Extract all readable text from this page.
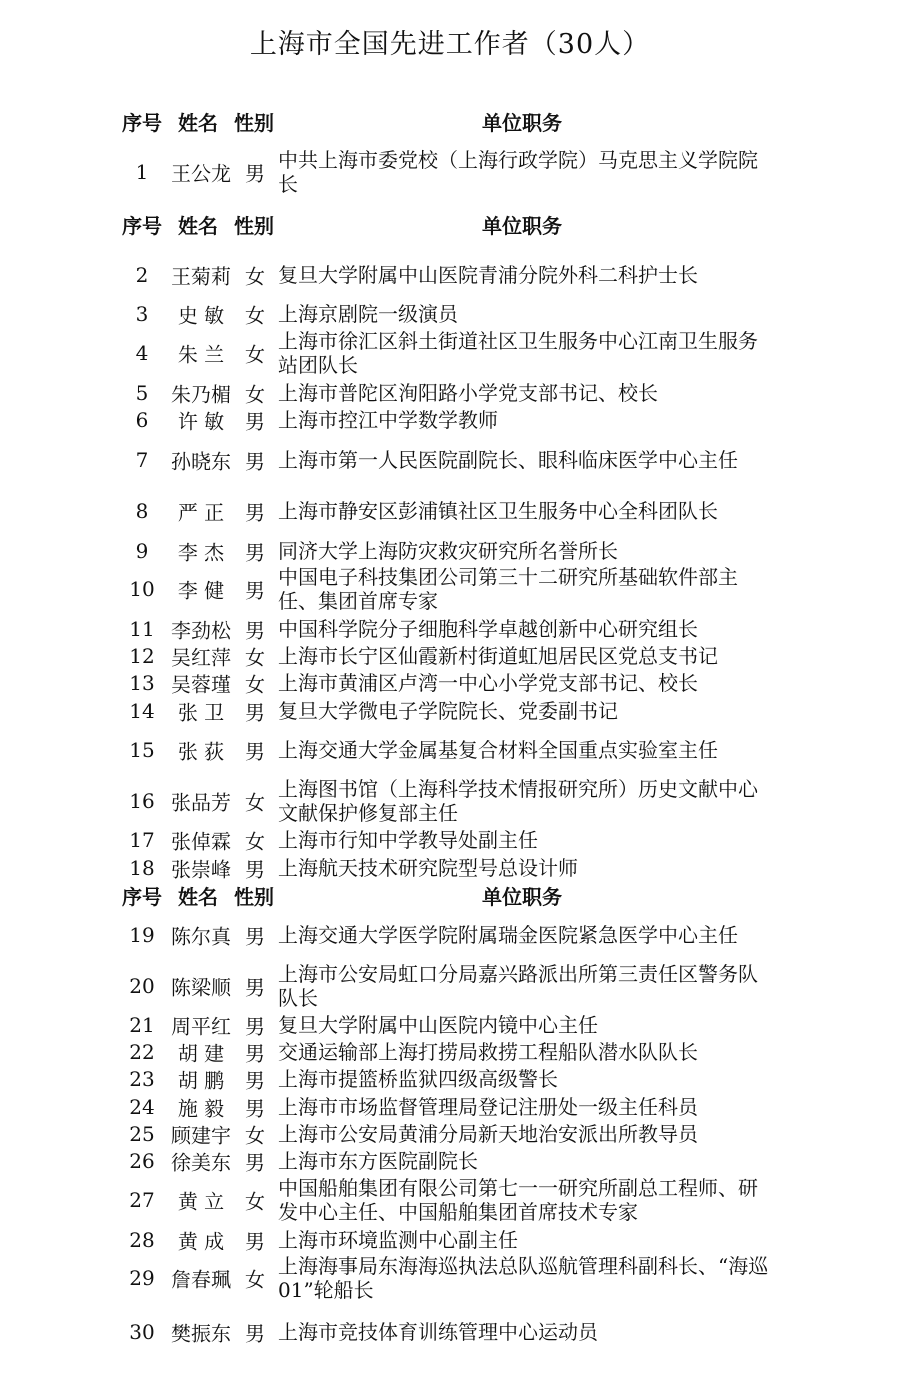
上海市全国先进工作者（30人）
序号 姓名 性别	单位职务
1	王公龙 男
中共上海市委党校（上海行政学院）马克思主义学院院长
序号 姓名 性别	单位职务
2	王菊莉 女 复旦大学附属中山医院青浦分院外科二科护士长
3	史 敏	女 上海京剧院一级演员
4	朱 兰	女
上海市徐汇区斜土街道社区卫生服务中心江南卫生服务站团队长
5	朱乃楣 女 上海市普陀区洵阳路小学党支部书记、校长
6	许 敏	男 上海市控江中学数学教师
7	孙晓东 男 上海市第一人民医院副院长、眼科临床医学中心主任
8	严 正	男 上海市静安区彭浦镇社区卫生服务中心全科团队长
9	李 杰	男 同济大学上海防灾救灾研究所名誉所长
10	李 健	男
中国电子科技集团公司第三十二研究所基础软件部主任、集团首席专家
11 李劲松 男 中国科学院分子细胞科学卓越创新中心研究组长
12 吴红萍 女 上海市长宁区仙霞新村街道虹旭居民区党总支书记
13 吴蓉瑾 女 上海市黄浦区卢湾一中心小学党支部书记、校长
14	张 卫	男 复旦大学微电子学院院长、党委副书记
15	张 荻	男 上海交通大学金属基复合材料全国重点实验室主任
16 张品芳 女
上海图书馆（上海科学技术情报研究所）历史文献中心文献保护修复部主任
17 张倬霖 女 上海市行知中学教导处副主任
18 张崇峰 男 上海航天技术研究院型号总设计师
序号 姓名 性别	单位职务
19 陈尔真 男 上海交通大学医学院附属瑞金医院紧急医学中心主任
20 陈梁顺 男
上海市公安局虹口分局嘉兴路派出所第三责任区警务队队长
21 周平红 男 复旦大学附属中山医院内镜中心主任
22	胡 建	男 交通运输部上海打捞局救捞工程船队潜水队队长
23	胡 鹏	男 上海市提篮桥监狱四级高级警长
24	施 毅	男 上海市市场监督管理局登记注册处一级主任科员
25 顾建宇 女 上海市公安局黄浦分局新天地治安派出所教导员
26 徐美东 男 上海市东方医院副院长
27	黄 立	女
中国船舶集团有限公司第七一一研究所副总工程师、研发中心主任、中国船舶集团首席技术专家
28	黄 成	男 上海市环境监测中心副主任
29 詹春珮 女
上海海事局东海海巡执法总队巡航管理科副科长、“海巡01”轮船长
30 樊振东 男 上海市竞技体育训练管理中心运动员
